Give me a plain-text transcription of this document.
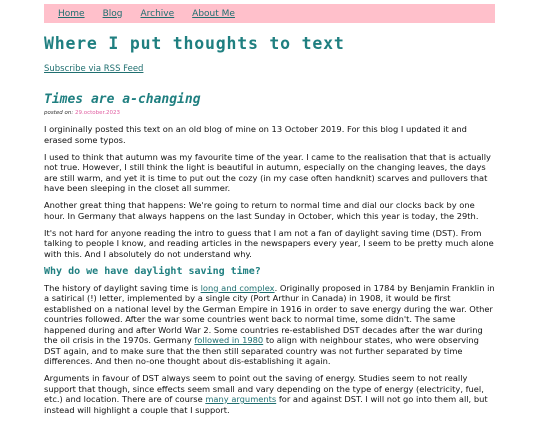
Home Blog Archive About Me
Where I put thoughts to text
Subscribe via RSS Feed
Times are a-changing
posted on: 29.october.2023

I orgininally posted this text on an old blog of mine on 13 October 2019. For this blog I updated it and erased some typos.

I used to think that autumn was my favourite time of the year. I came to the realisation that that is actually not true. However, I still think the light is beautiful in autumn, especially on the changing leaves, the days are still warm, and yet it is time to put out the cozy (in my case often handknit) scarves and pullovers that have been sleeping in the closet all summer.

Another great thing that happens: We're going to return to normal time and dial our clocks back by one hour. In Germany that always happens on the last Sunday in October, which this year is today, the 29th.

It's not hard for anyone reading the intro to guess that I am not a fan of daylight saving time (DST). From talking to people I know, and reading articles in the newspapers every year, I seem to be pretty much alone with this. And I absolutely do not understand why.

Why do we have daylight saving time?

The history of daylight saving time is long and complex. Originally proposed in 1784 by Benjamin Franklin in a satirical (!) letter, implemented by a single city (Port Arthur in Canada) in 1908, it would be first established on a national level by the German Empire in 1916 in order to save energy during the war. Other countries followed. After the war some countries went back to normal time, some didn't. The same happened during and after World War 2. Some countries re-established DST decades after the war during the oil crisis in the 1970s. Germany followed in 1980 to align with neighbour states, who were observing DST again, and to make sure that the then still separated country was not further separated by time differences. And then no-one thought about dis-establishing it again.

Arguments in favour of DST always seem to point out the saving of energy. Studies seem to not really support that though, since effects seem small and vary depending on the type of energy (electricity, fuel, etc.) and location. There are of course many arguments for and against DST. I will not go into them all, but instead will highlight a couple that I support.
